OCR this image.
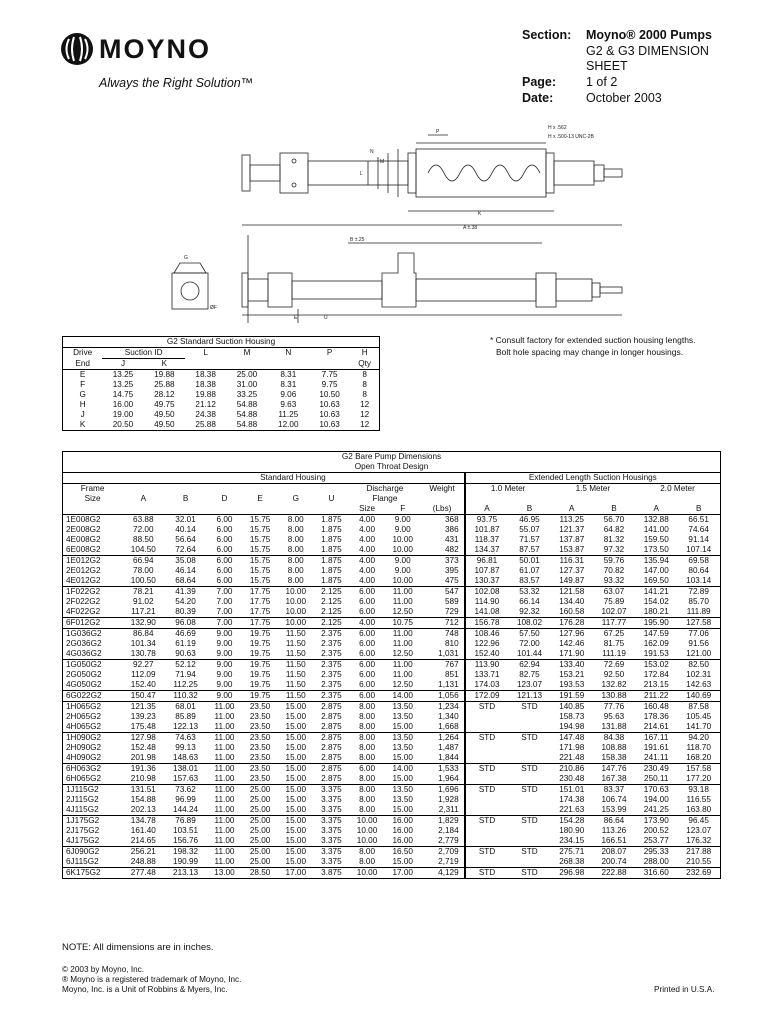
MOYNO
Always the Right Solution™
Section: Moyno® 2000 Pumps
G2 & G3 DIMENSION
SHEET
Page: 1 of 2
Date:	October 2003
H x .562
H x .500-13 UNC-2B
P
N
M
L
K
A ±.38
G
B ±.25
E	U
ØF
* Consult factory for extended suction housing lengths.
Bolt hole spacing may change in longer housings.
G2 Standard Suction Housing							
Drive	Suction ID		L	M	N	P	H
End	J	K					Qty
E	13.25	19.88	18.38	25.00	8.31	7.75	8
F	13.25	25.88	18.38	31.00	8.31	9.75	8
G	14.75	28.12	19.88	33.25	9.06	10.50	8
H	16.00	49.75	21.12	54.88	9.63	10.63	12
J	19.00	49.50	24.38	54.88	11.25	10.63	12
K	20.50	49.50	25.88	54.88	12.00	10.63	12
G2 Bare Pump Dimensions															
Open Throat Design															
	Standard Housing									Extended Length Suction Housings					
Frame							Discharge		Weight	1.0 Meter		1.5 Meter		2.0 Meter	
Size	A	B	D	E	G	U	Flange								
							Size	F	(Lbs)	A	B	A	B	A	B
1E008G2	63.88	32.01	6.00	15.75	8.00	1.875	4.00	9.00	368	93.75	46.95	113.25	56.70	132.88	66.51
2E008G2	72.00	40.14	6.00	15.75	8.00	1.875	4.00	9.00	386	101.87	55.07	121.37	64.82	141.00	74.64
4E008G2	88.50	56.64	6.00	15.75	8.00	1.875	4.00	10.00	431	118.37	71.57	137.87	81.32	159.50	91.14
6E008G2	104.50	72.64	6.00	15.75	8.00	1.875	4.00	10.00	482	134.37	87.57	153.87	97.32	173.50	107.14
1E012G2	66.94	35.08	6.00	15.75	8.00	1.875	4.00	9.00	373	96.81	50.01	116.31	59.76	135.94	69.58
2E012G2	78.00	46.14	6.00	15.75	8.00	1.875	4.00	9.00	395	107.87	61.07	127.37	70.82	147.00	80.64
4E012G2	100.50	68.64	6.00	15.75	8.00	1.875	4.00	10.00	475	130.37	83.57	149.87	93.32	169.50	103.14
1F022G2	78.21	41.39	7.00	17.75	10.00	2.125	6.00	11.00	547	102.08	53.32	121.58	63.07	141.21	72.89
2F022G2	91.02	54.20	7.00	17.75	10.00	2.125	6.00	11.00	589	114.90	66.14	134.40	75.89	154.02	85.70
4F022G2	117.21	80.39	7.00	17.75	10.00	2.125	6.00	12.50	729	141.08	92.32	160.58	102.07	180.21	111.89
6F012G2	132.90	96.08	7.00	17.75	10.00	2.125	4.00	10.75	712	156.78	108.02	176.28	117.77	195.90	127.58
1G036G2	86.84	46.69	9.00	19.75	11.50	2.375	6.00	11.00	748	108.46	57.50	127.96	67.25	147.59	77.06
2G036G2	101.34	61.19	9.00	19.75	11.50	2.375	6.00	11.00	810	122.96	72.00	142.46	81.75	162.09	91.56
4G036G2	130.78	90.63	9.00	19.75	11.50	2.375	6.00	12.50	1,031	152.40	101.44	171.90	111.19	191.53	121.00
1G050G2	92.27	52.12	9.00	19.75	11.50	2.375	6.00	11.00	767	113.90	62.94	133.40	72.69	153.02	82.50
2G050G2	112.09	71.94	9.00	19.75	11.50	2.375	6.00	11.00	851	133.71	82.75	153.21	92.50	172.84	102.31
4G050G2	152.40	112.25	9.00	19.75	11.50	2.375	6.00	12.50	1,131	174.03	123.07	193.53	132.82	213.15	142.63
6G022G2	150.47	110.32	9.00	19.75	11.50	2.375	6.00	14.00	1,056	172.09	121.13	191.59	130.88	211.22	140.69
1H065G2	121.35	68.01	11.00	23.50	15.00	2.875	8.00	13.50	1,234	STD	STD	140.85	77.76	160.48	87.58
2H065G2	139.23	85.89	11.00	23.50	15.00	2.875	8.00	13.50	1,340			158.73	95.63	178.36	105.45
4H065G2	175.48	122.13	11.00	23.50	15.00	2.875	8.00	15.00	1,668			194.98	131.88	214.61	141.70
1H090G2	127.98	74.63	11.00	23.50	15.00	2.875	8.00	13.50	1,264	STD	STD	147.48	84.38	167.11	94.20
2H090G2	152.48	99.13	11.00	23.50	15.00	2.875	8.00	13.50	1,487			171.98	108.88	191.61	118.70
4H090G2	201.98	148.63	11.00	23.50	15.00	2.875	8.00	15.00	1,844			221.48	158.38	241.11	168.20
6H063G2	191.36	138.01	11.00	23.50	15.00	2.875	6.00	14.00	1,533	STD	STD	210.86	147.76	230.49	157.58
6H065G2	210.98	157.63	11.00	23.50	15.00	2.875	8.00	15.00	1,964			230.48	167.38	250.11	177.20
1J115G2	131.51	73.62	11.00	25.00	15.00	3.375	8.00	13.50	1,696	STD	STD	151.01	83.37	170.63	93.18
2J115G2	154.88	96.99	11.00	25.00	15.00	3.375	8.00	13.50	1,928			174.38	106.74	194.00	116.55
4J115G2	202.13	144.24	11.00	25.00	15.00	3.375	8.00	15.00	2,311			221.63	153.99	241.25	163.80
1J175G2	134.78	76.89	11.00	25.00	15.00	3.375	10.00	16.00	1,829	STD	STD	154.28	86.64	173.90	96.45
2J175G2	161.40	103.51	11.00	25.00	15.00	3.375	10.00	16.00	2,184			180.90	113.26	200.52	123.07
4J175G2	214.65	156.76	11.00	25.00	15.00	3.375	10.00	16.00	2,779			234.15	166.51	253.77	176.32
6J090G2	256.21	198.32	11.00	25.00	15.00	3.375	8.00	16.50	2,709	STD	STD	275.71	208.07	295.33	217.88
6J115G2	248.88	190.99	11.00	25.00	15.00	3.375	8.00	15.00	2,719			268.38	200.74	288.00	210.55
6K175G2	277.48	213.13	13.00	28.50	17.00	3.875	10.00	17.00	4,129	STD	STD	296.98	222.88	316.60	232.69
NOTE: All dimensions are in inches.
© 2003 by Moyno, Inc.
® Moyno is a registered trademark of Moyno, Inc.
Moyno, Inc. is a Unit of Robbins & Myers, Inc.	Printed in U.S.A.
